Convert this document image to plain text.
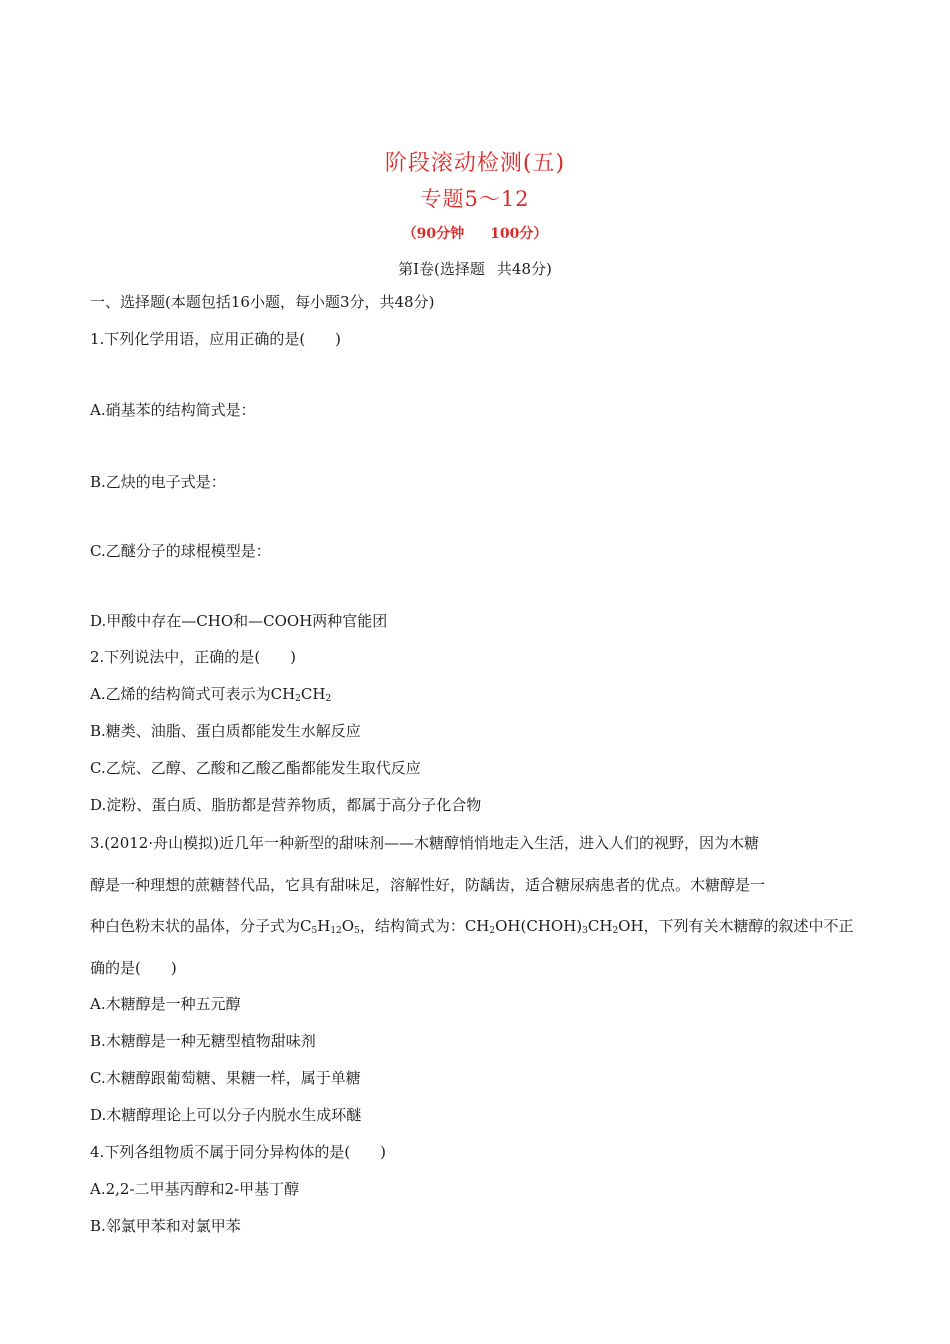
阶段滚动检测(五)
专题5～12
（90分钟 100分）
第Ⅰ卷(选择题 共48分)
一、选择题(本题包括16小题，每小题3分，共48分)
1.下列化学用语，应用正确的是(　　)
A.硝基苯的结构简式是：
B.乙炔的电子式是：
C.乙醚分子的球棍模型是：
D.甲酸中存在—CHO和—COOH两种官能团
2.下列说法中，正确的是(　　)
A.乙烯的结构简式可表示为$CH_2CH_2$
B.糖类、油脂、蛋白质都能发生水解反应
C.乙烷、乙醇、乙酸和乙酸乙酯都能发生取代反应
D.淀粉、蛋白质、脂肪都是营养物质，都属于高分子化合物
3.(2012·舟山模拟)近几年一种新型的甜味剂——木糖醇悄悄地走入生活，进入人们的视野，因为木糖
醇是一种理想的蔗糖替代品，它具有甜味足，溶解性好，防龋齿，适合糖尿病患者的优点。木糖醇是一
种白色粉末状的晶体，分子式为$C_5H_{12}O_5$，结构简式为：$CH_2OH(CHOH)_3CH_2OH$，下列有关木糖醇的叙述中不正
确的是(　　)
A.木糖醇是一种五元醇
B.木糖醇是一种无糖型植物甜味剂
C.木糖醇跟葡萄糖、果糖一样，属于单糖
D.木糖醇理论上可以分子内脱水生成环醚
4.下列各组物质不属于同分异构体的是(　　)
A.2,2-二甲基丙醇和2-甲基丁醇
B.邻氯甲苯和对氯甲苯
